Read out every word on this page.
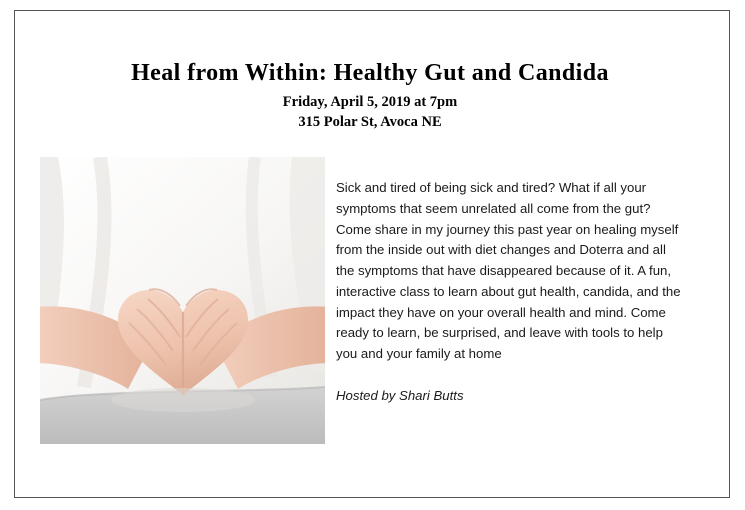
Heal from Within: Healthy Gut and Candida
Friday, April 5, 2019 at 7pm
315 Polar St, Avoca NE

Sick and tired of being sick and tired? What if all your symptoms that seem unrelated all come from the gut? Come share in my journey this past year on healing myself from the inside out with diet changes and Doterra and all the symptoms that have disappeared because of it. A fun, interactive class to learn about gut health, candida, and the impact they have on your overall health and mind. Come ready to learn, be surprised, and leave with tools to help you and your family at home

Hosted by Shari Butts
